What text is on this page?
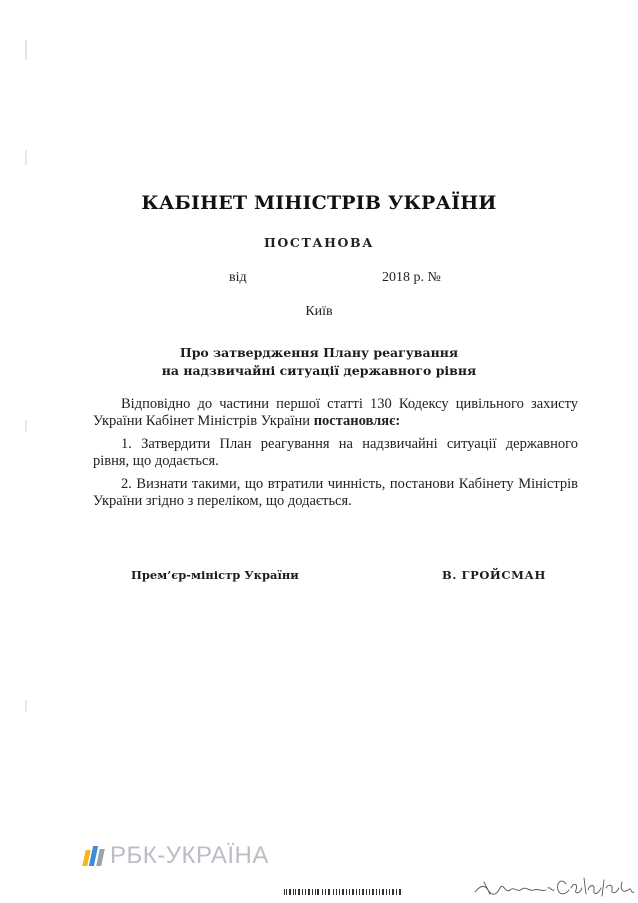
КАБІНЕТ МІНІСТРІВ УКРАЇНИ
ПОСТАНОВА
від	2018 р. №
Київ
Про затвердження Плану реагування
на надзвичайні ситуації державного рівня

Відповідно до частини першої статті 130 Кодексу цивільного захисту України Кабінет Міністрів України постановляє:

1. Затвердити План реагування на надзвичайні ситуації державного рівня, що додається.

2. Визнати такими, що втратили чинність, постанови Кабінету Міністрів України згідно з переліком, що додається.

Прем’єр-міністр України	В. ГРОЙСМАН
РБК-УКРАЇНА
